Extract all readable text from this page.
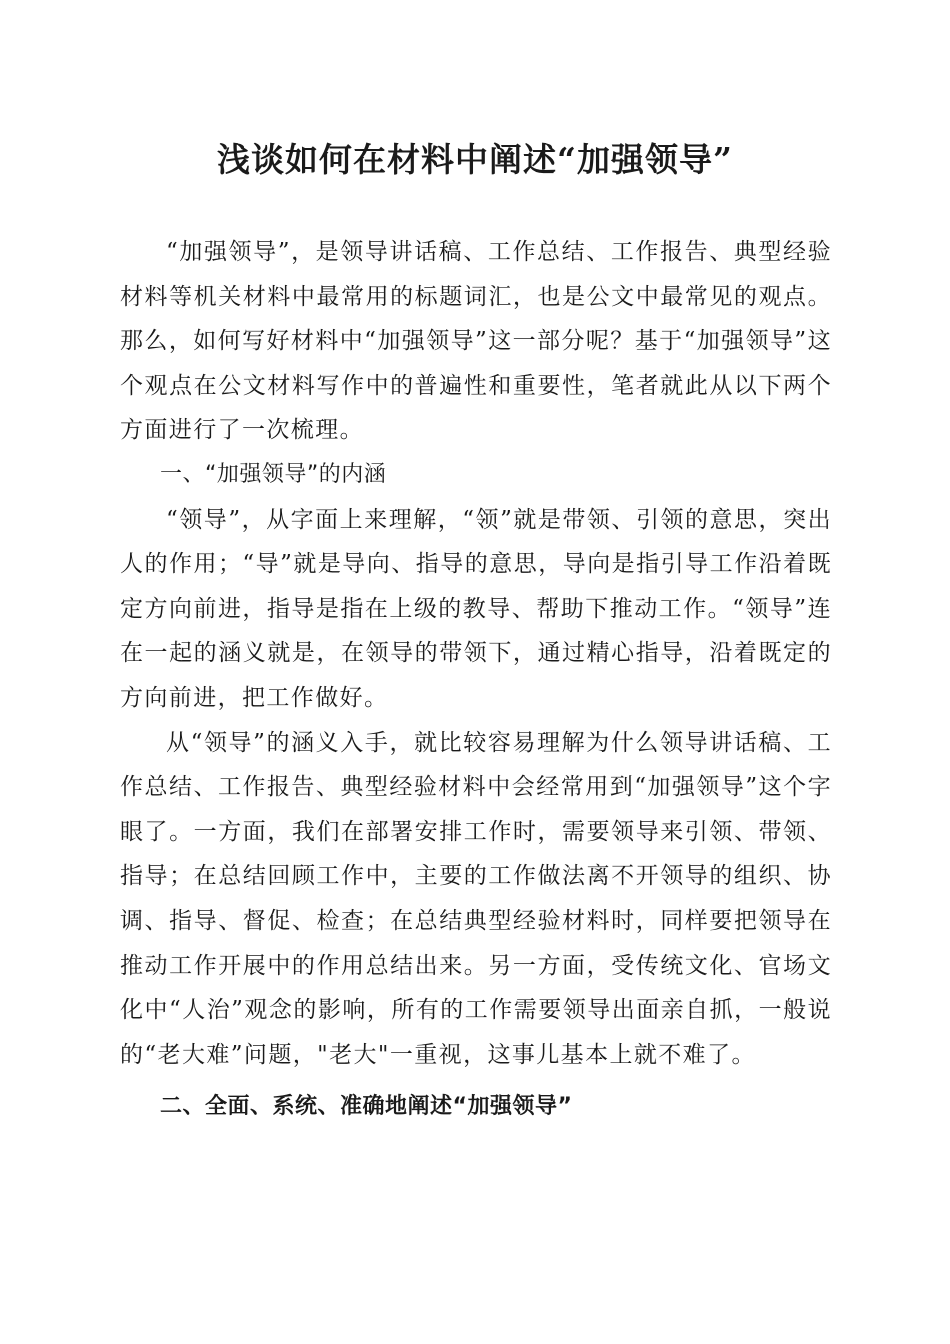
浅谈如何在材料中阐述“加强领导”

“加强领导”，是领导讲话稿、工作总结、工作报告、典型经验材料等机关材料中最常用的标题词汇，也是公文中最常见的观点。那么，如何写好材料中“加强领导”这一部分呢？基于“加强领导”这个观点在公文材料写作中的普遍性和重要性，笔者就此从以下两个方面进行了一次梳理。

一、“加强领导”的内涵

“领导”，从字面上来理解，“领”就是带领、引领的意思，突出人的作用；“导”就是导向、指导的意思，导向是指引导工作沿着既定方向前进，指导是指在上级的教导、帮助下推动工作。“领导”连在一起的涵义就是，在领导的带领下，通过精心指导，沿着既定的方向前进，把工作做好。

从“领导”的涵义入手，就比较容易理解为什么领导讲话稿、工作总结、工作报告、典型经验材料中会经常用到“加强领导”这个字眼了。一方面，我们在部署安排工作时，需要领导来引领、带领、指导；在总结回顾工作中，主要的工作做法离不开领导的组织、协调、指导、督促、检查；在总结典型经验材料时，同样要把领导在推动工作开展中的作用总结出来。另一方面，受传统文化、官场文化中“人治”观念的影响，所有的工作需要领导出面亲自抓，一般说的“老大难”问题，"老大"一重视，这事儿基本上就不难了。

二、全面、系统、准确地阐述“加强领导”
